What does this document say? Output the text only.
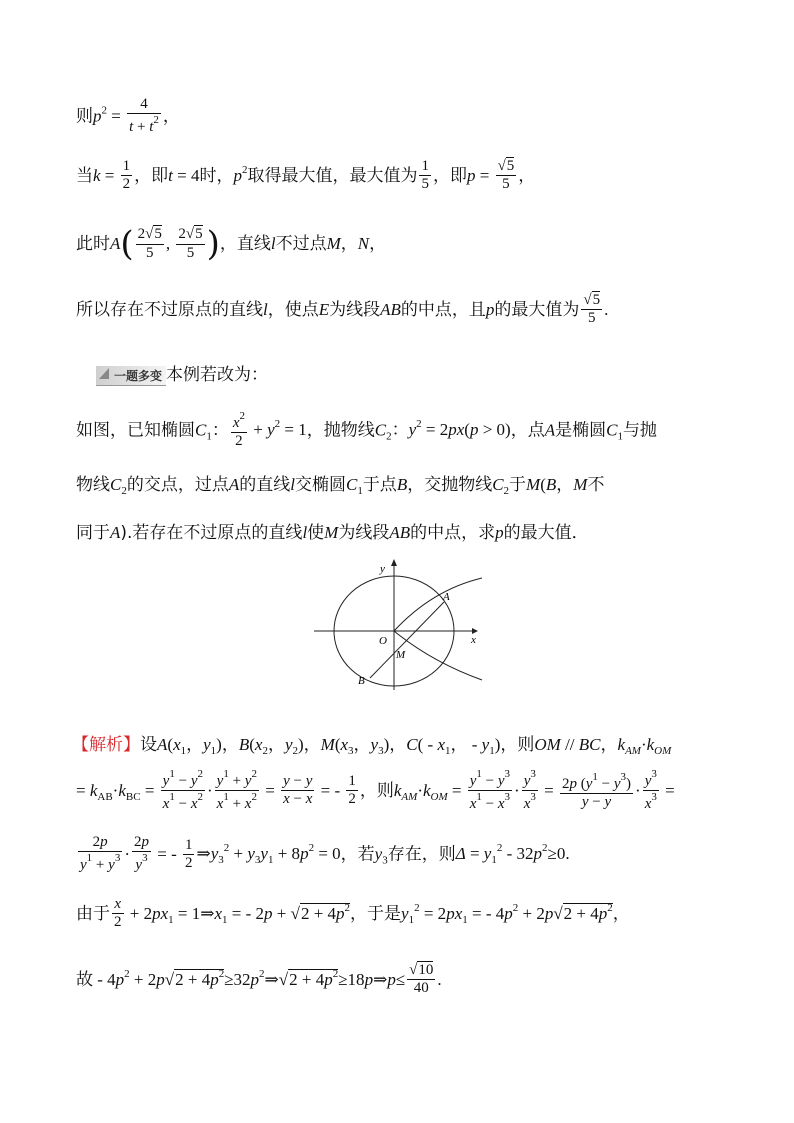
则$p^2 = \frac{4}{t + t^2}$ ，
当$k = \frac{1}{2}$ ，即t = 4时，$p^2$取得最大值，最大值为 $\frac{1}{5}$ ，即$p = \frac{√5}{5}$ ，
此时$A( \frac{2√5}{5}$ , $\frac{2√5}{5}$ )，直线l不过点M，N，
所以存在不过原点的直线l，使点E为线段AB的中点，且p的最大值为 $\frac{√5}{5}$ .
一题多变 本例若改为：
如图，已知椭圆$C_1$： $\frac{x^2}{2} + y^2 = 1$，抛物线$C_2$：$y^2 = 2px(p > 0)$，点A是椭圆$C_1$与抛
物线$C_2$的交点，过点A的直线l交椭圆$C_1$于点B，交抛物线$C_2$于M(B，M不
同于A).若存在不过原点的直线l使M为线段AB的中点，求p的最大值．
y
x
O
A
M
B
【解析】设$A(x_1$，$y_1$)，$B(x_2$，$y_2$)，$M(x_3$，$y_3$)，$C( - x_1$， - $y_1$)，则OM // BC，$k_{AM}\cdot k_{OM}$
= $k_{AB}\cdot k_{BC} = \frac{y^1 - y^2}{x^1 - x^2} \cdot \frac{y^1 + y^2}{x^1 + x^2} = \frac{y - y}{x - x}$ = - $\frac{1}{2}$ ，则$k_{AM}\cdot k_{OM} = \frac{y^1 - y^3}{x^1 - x^3} \cdot \frac{y^3}{x^3} = \frac{2p (y^1 - y^3)}{y - y} \cdot \frac{y^3}{x^3}$ =
$\frac{2p}{y^1 + y^3} \cdot \frac{2p}{y^3}$ = - $\frac{1}{2}$ $\Rightarrow y_3^2 + y_3y_1 + 8p^2 = 0$，若$y_3$存在，则$\Delta = y_1^2 - 32p^2\ge 0$.
由于 $\frac{x}{2} + 2px_1$ = $1\Rightarrow x_1$ = - $2p + √2 + 4p^2$，于是$y_1^2 = 2px_1$ = - $4p^2 + 2p√2 + 4p^2$，
故 - $4p^2 + 2p√2$ + $4p^2\ge 32p^2\Rightarrow√2$ + $4p^2\ge 18p\Rightarrow p\le \frac{√10}{40}$ .
